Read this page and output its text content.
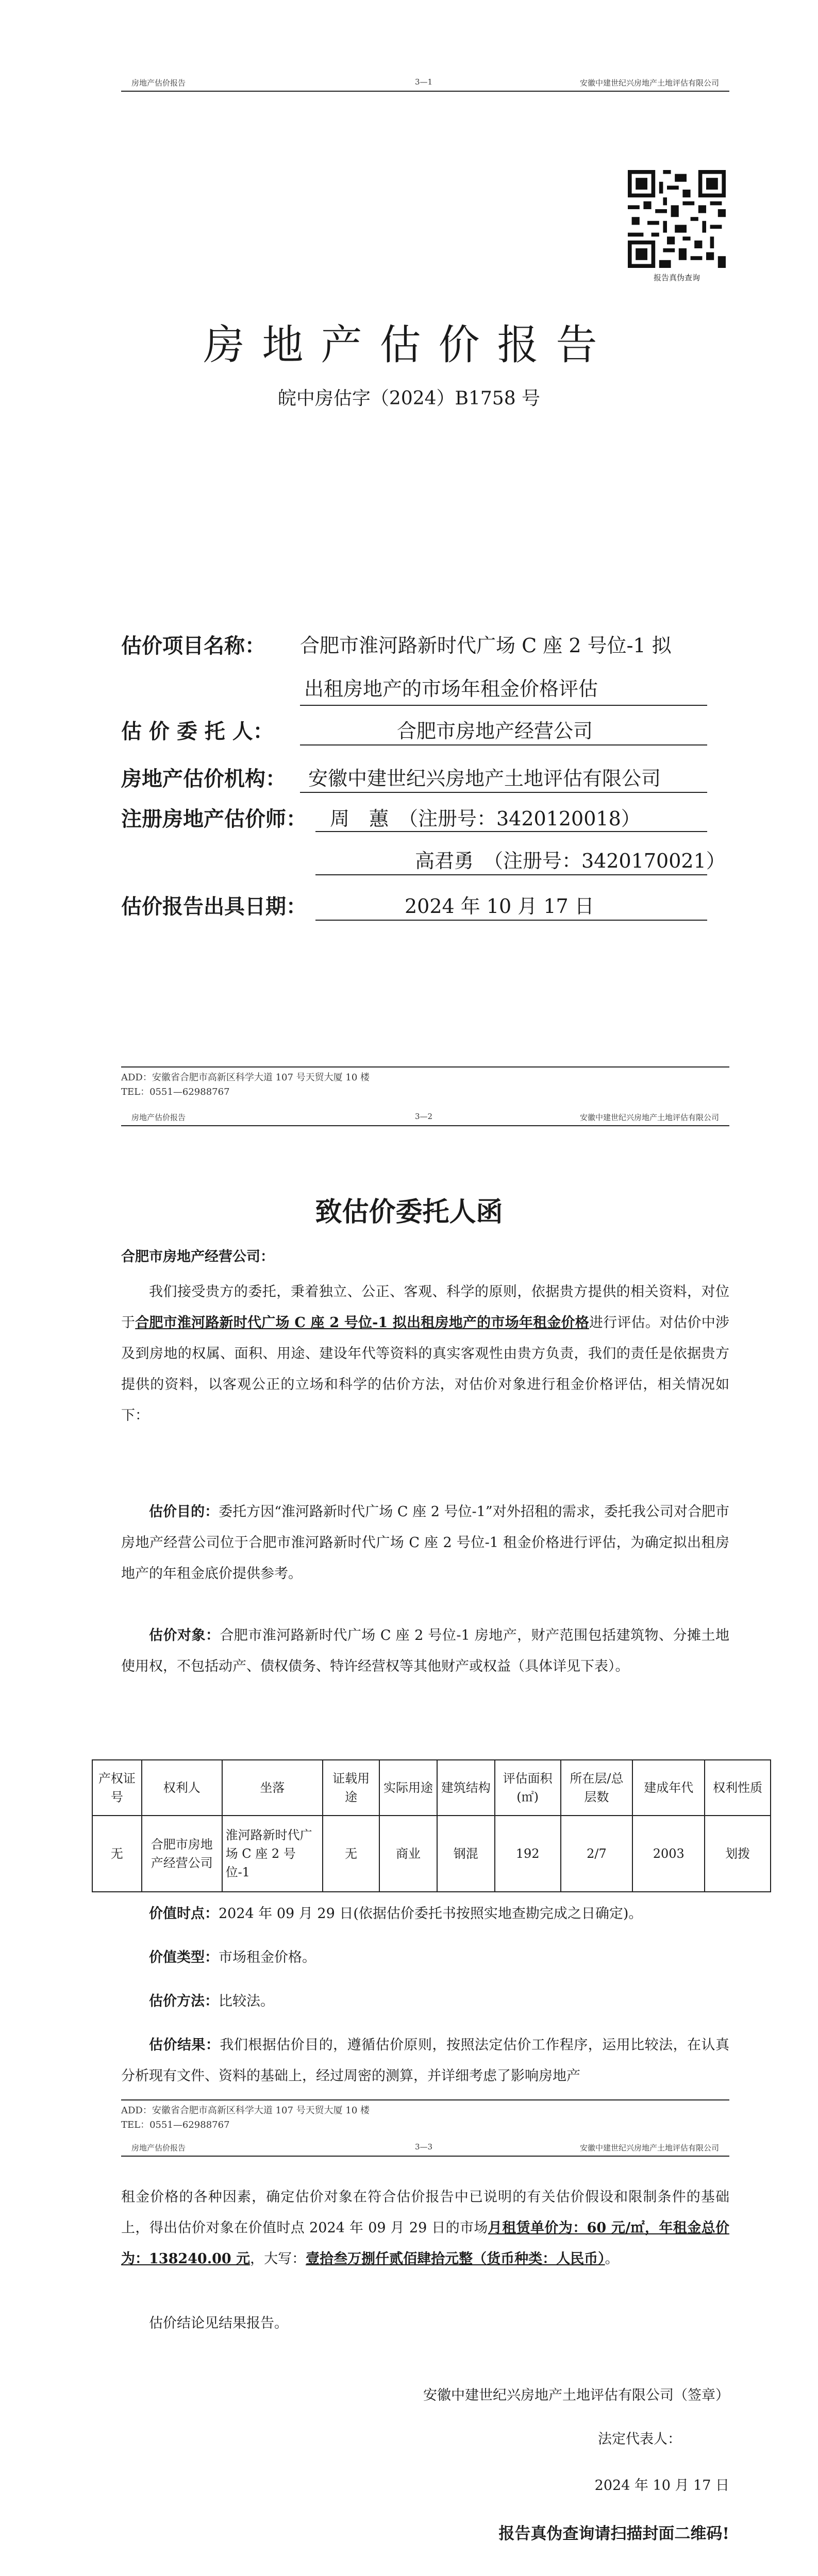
房地产估价报告	3—1	安徽中建世纪兴房地产土地评估有限公司
报告真伪查询
房地产估价报告
皖中房估字（2024）B1758 号
估价项目名称： 合肥市淮河路新时代广场 C 座 2 号位-1 拟
出租房地产的市场年租金价格评估
估 价 委 托 人：	合肥市房地产经营公司
房地产估价机构： 安徽中建世纪兴房地产土地评估有限公司
注册房地产估价师： 周　蕙　（注册号：3420120018）
高君勇　（注册号：3420170021）
估价报告出具日期：	2024 年 10 月 17 日
ADD：安徽省合肥市高新区科学大道 107 号天贸大厦 10 楼
TEL：0551—62988767
房地产估价报告	3—2	安徽中建世纪兴房地产土地评估有限公司
致估价委托人函
合肥市房地产经营公司：
我们接受贵方的委托，秉着独立、公正、客观、科学的原则，依据贵方提供的相关资料，对位于合肥市淮河路新时代广场 C 座 2 号位-1 拟出租房地产的市场年租金价格进行评估。对估价中涉及到房地的权属、面积、用途、建设年代等资料的真实客观性由贵方负责，我们的责任是依据贵方提供的资料，以客观公正的立场和科学的估价方法，对估价对象进行租金价格评估，相关情况如下：
估价目的：委托方因“淮河路新时代广场 C 座 2 号位-1”对外招租的需求，委托我公司对合肥市房地产经营公司位于合肥市淮河路新时代广场 C 座 2 号位-1 租金价格进行评估，为确定拟出租房地产的年租金底价提供参考。
估价对象：合肥市淮河路新时代广场 C 座 2 号位-1 房地产，财产范围包括建筑物、分摊土地使用权，不包括动产、债权债务、特许经营权等其他财产或权益（具体详见下表）。
产权证号	权利人	坐落	证载用途	实际用途	建筑结构	评估面积(㎡)	所在层/总层数	建成年代	权利性质
无	合肥市房地产经营公司	淮河路新时代广场 C 座 2 号位-1	无	商业	钢混	192	2/7	2003	划拨
价值时点：2024 年 09 月 29 日(依据估价委托书按照实地查勘完成之日确定)。
价值类型：市场租金价格。
估价方法：比较法。
估价结果：我们根据估价目的，遵循估价原则，按照法定估价工作程序，运用比较法，在认真分析现有文件、资料的基础上，经过周密的测算，并详细考虑了影响房地产
ADD：安徽省合肥市高新区科学大道 107 号天贸大厦 10 楼
TEL：0551—62988767
房地产估价报告	3—3	安徽中建世纪兴房地产土地评估有限公司
租金价格的各种因素，确定估价对象在符合估价报告中已说明的有关估价假设和限制条件的基础上，得出估价对象在价值时点 2024 年 09 月 29 日的市场月租赁单价为：60 元/㎡，年租金总价为：138240.00 元，大写：壹拾叁万捌仟贰佰肆拾元整（货币种类：人民币）。
估价结论见结果报告。
安徽中建世纪兴房地产土地评估有限公司（签章）
法定代表人：
2024 年 10 月 17 日
报告真伪查询请扫描封面二维码!
